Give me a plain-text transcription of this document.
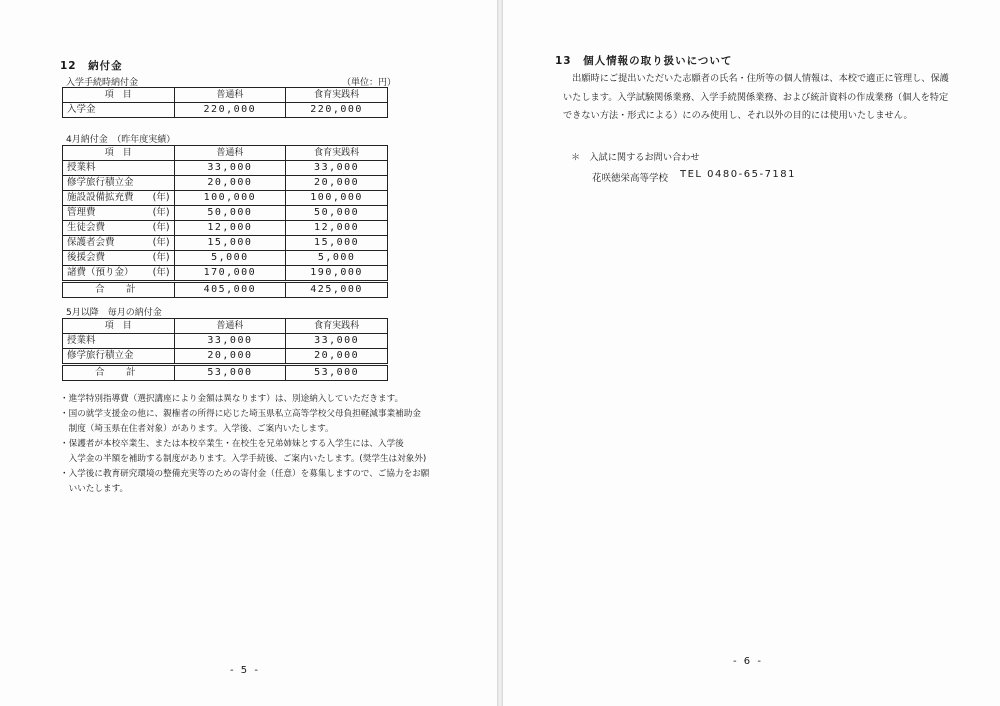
12　納付金
入学手続時納付金	（単位：円）
項　目	普通科	食育実践科
入学金	220,000	220,000
4月納付金　（昨年度実績）
項　目	普通科	食育実践科
授業料	33,000	33,000
修学旅行積立金	20,000	20,000
施設設備拡充費 (年)	100,000	100,000
管理費 (年)	50,000	50,000
生徒会費 (年)	12,000	12,000
保護者会費 (年)	15,000	15,000
後援会費 (年)	5,000	5,000
諸費（預り金） (年)	170,000	190,000
合　計	405,000	425,000
5月以降　毎月の納付金
項　目	普通科	食育実践科
授業料	33,000	33,000
修学旅行積立金	20,000	20,000
合　計	53,000	53,000
・進学特別指導費（選択講座により金額は異なります）は、別途納入していただきます。
・国の就学支援金の他に、親権者の所得に応じた埼玉県私立高等学校父母負担軽減事業補助金
　制度（埼玉県在住者対象）があります。入学後、ご案内いたします。
・保護者が本校卒業生、または本校卒業生・在校生を兄弟姉妹とする入学生には、入学後
　入学金の半額を補助する制度があります。入学手続後、ご案内いたします。(奨学生は対象外)
・入学後に教育研究環境の整備充実等のための寄付金（任意）を募集しますので、ご協力をお願
　いいたします。
- 5 -
13　個人情報の取り扱いについて
　出願時にご提出いただいた志願者の氏名・住所等の個人情報は、本校で適正に管理し、保護
いたします。入学試験関係業務、入学手続関係業務、および統計資料の作成業務（個人を特定
できない方法・形式による）にのみ使用し、それ以外の目的には使用いたしません。
＊　入試に関するお問い合わせ
花咲徳栄高等学校 TEL 0480-65-7181
- 6 -
